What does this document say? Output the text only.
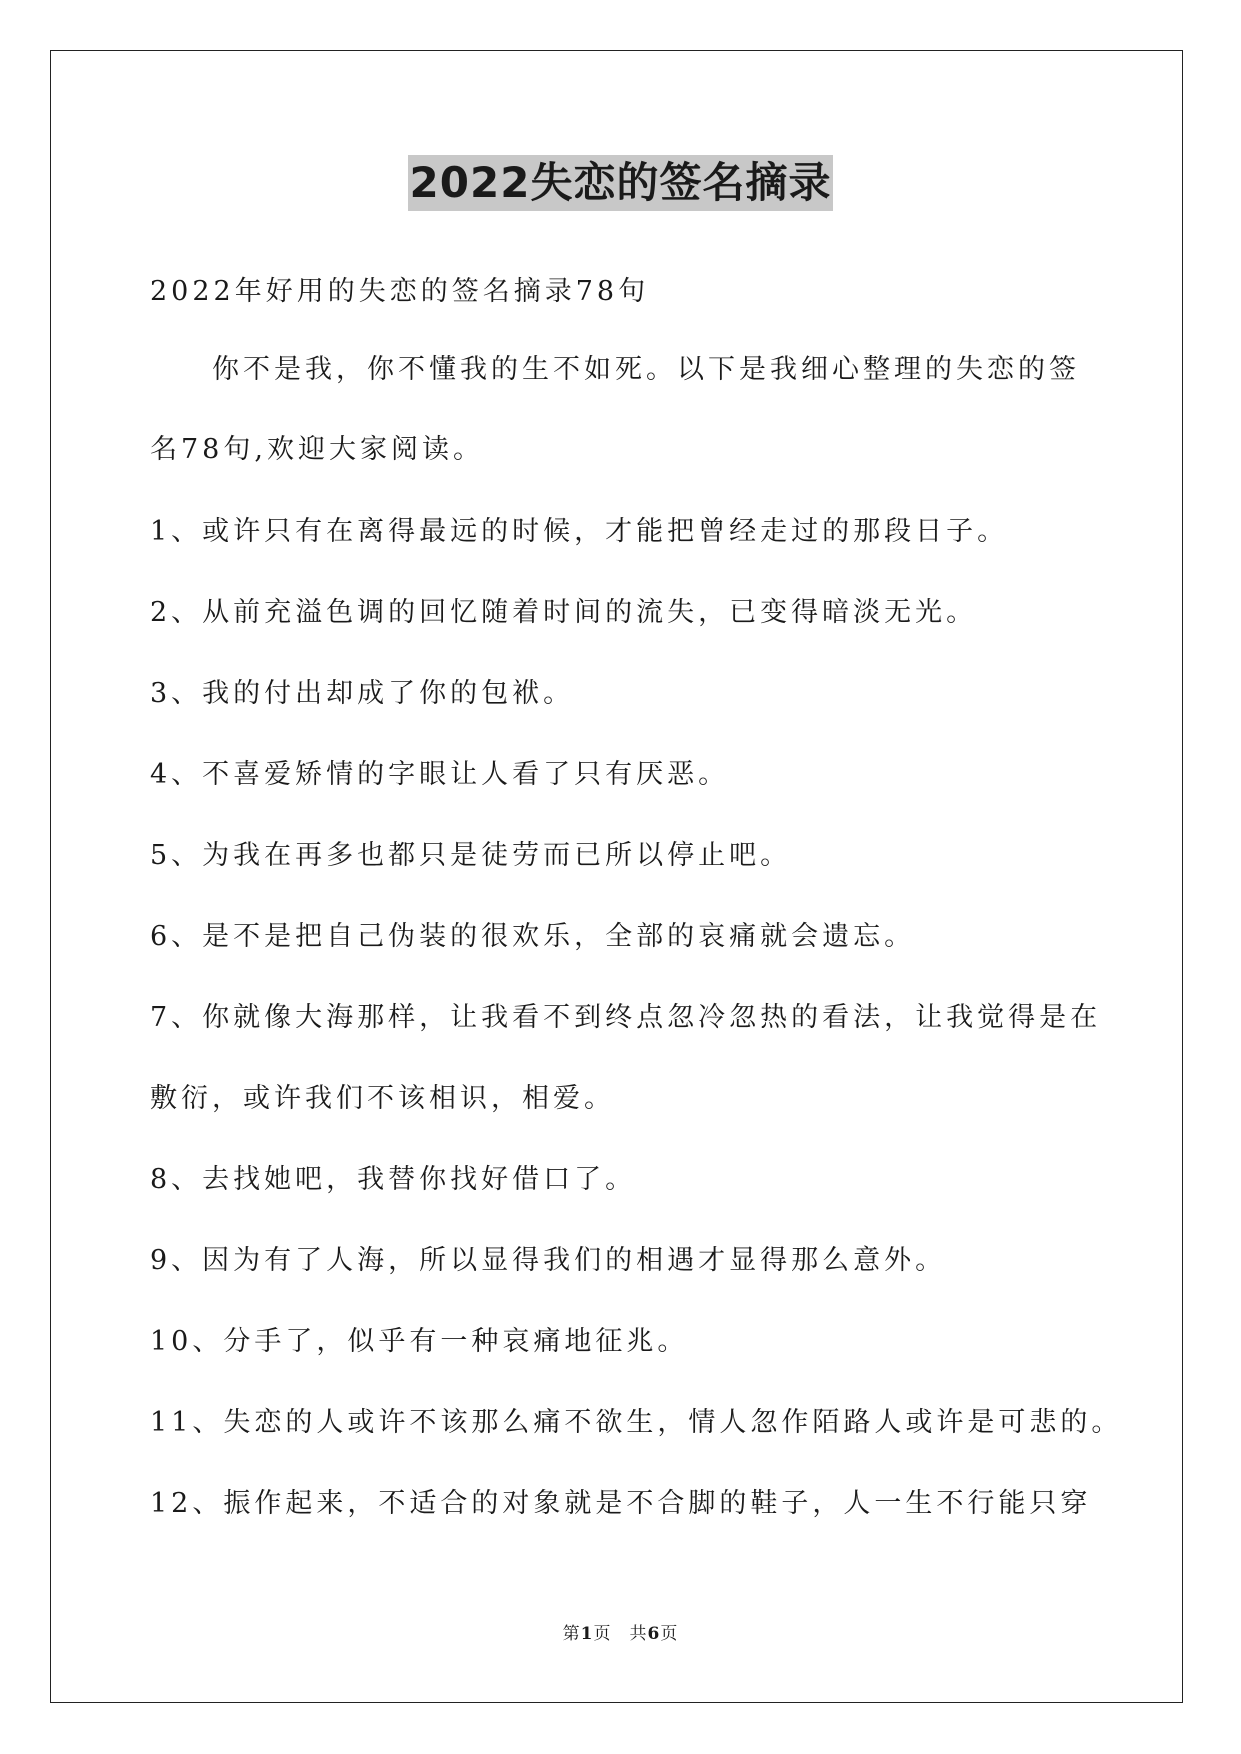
2022失恋的签名摘录
2022年好用的失恋的签名摘录78句
　　你不是我，你不懂我的生不如死。以下是我细心整理的失恋的签
名78句,欢迎大家阅读。
1、或许只有在离得最远的时候，才能把曾经走过的那段日子。
2、从前充溢色调的回忆随着时间的流失，已变得暗淡无光。
3、我的付出却成了你的包袱。
4、不喜爱矫情的字眼让人看了只有厌恶。
5、为我在再多也都只是徒劳而已所以停止吧。
6、是不是把自己伪装的很欢乐，全部的哀痛就会遗忘。
7、你就像大海那样，让我看不到终点忽冷忽热的看法，让我觉得是在
敷衍，或许我们不该相识，相爱。
8、去找她吧，我替你找好借口了。
9、因为有了人海，所以显得我们的相遇才显得那么意外。
10、分手了，似乎有一种哀痛地征兆。
11、失恋的人或许不该那么痛不欲生，情人忽作陌路人或许是可悲的。
12、振作起来，不适合的对象就是不合脚的鞋子，人一生不行能只穿
第1页　共6页
